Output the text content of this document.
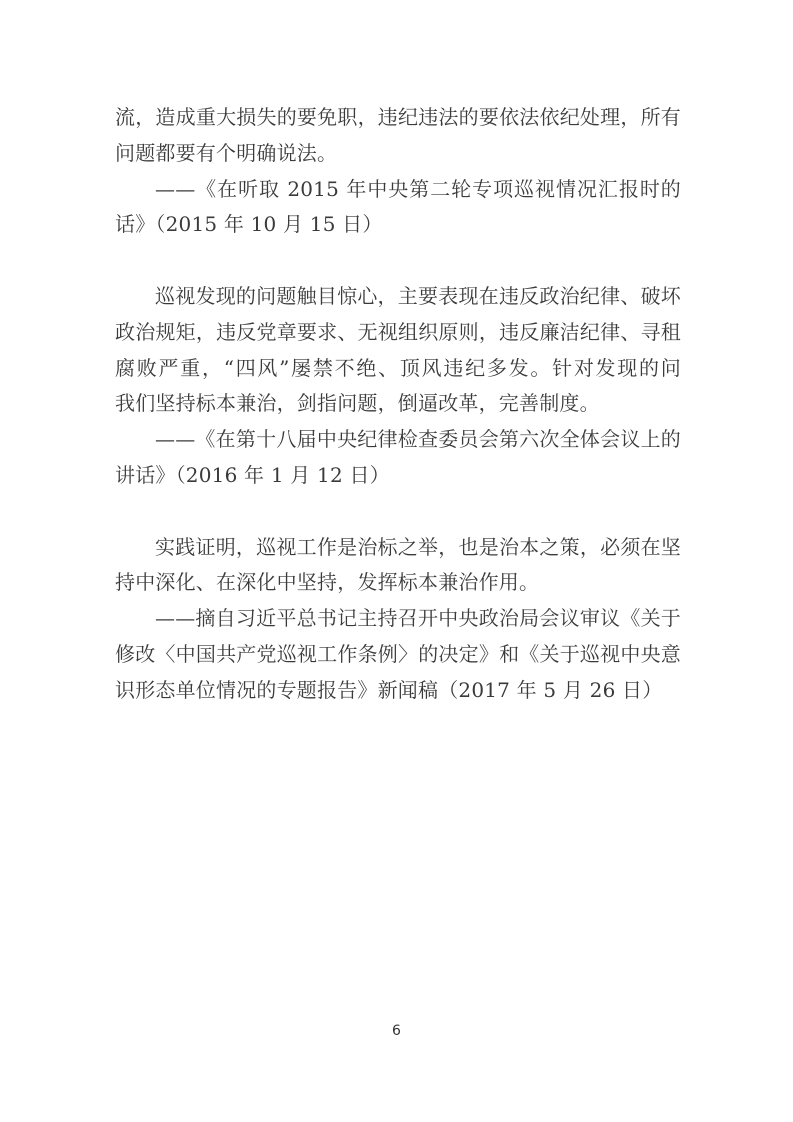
流，造成重大损失的要免职，违纪违法的要依法依纪处理，所有
问题都要有个明确说法。
——《在听取 2015 年中央第二轮专项巡视情况汇报时的
话》（2015 年 10 月 15 日）
巡视发现的问题触目惊心，主要表现在违反政治纪律、破坏
政治规矩，违反党章要求、无视组织原则，违反廉洁纪律、寻租
腐败严重，“四风”屡禁不绝、顶风违纪多发。针对发现的问
我们坚持标本兼治，剑指问题，倒逼改革，完善制度。
——《在第十八届中央纪律检查委员会第六次全体会议上的
讲话》（2016 年 1 月 12 日）
实践证明，巡视工作是治标之举，也是治本之策，必须在坚
持中深化、在深化中坚持，发挥标本兼治作用。
——摘自习近平总书记主持召开中央政治局会议审议《关于
修改〈中国共产党巡视工作条例〉的决定》和《关于巡视中央意
识形态单位情况的专题报告》新闻稿（2017 年 5 月 26 日）
6
